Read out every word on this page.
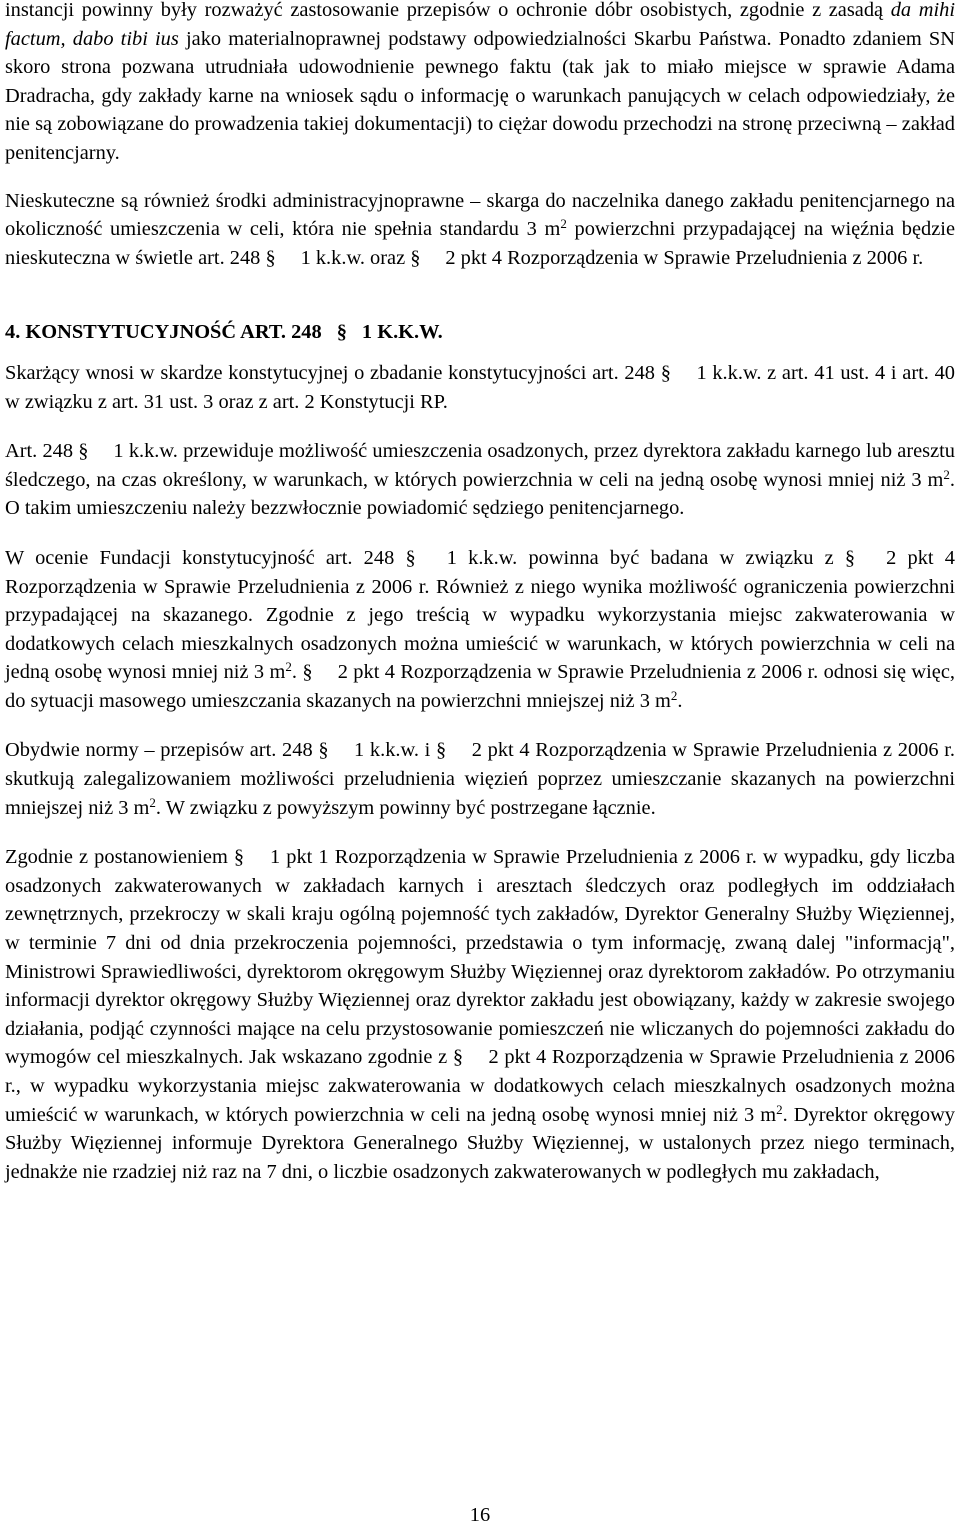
instancji powinny były rozważyć zastosowanie przepisów o ochronie dóbr osobistych, zgodnie z zasadą da mihi factum, dabo tibi ius jako materialnoprawnej podstawy odpowiedzialności Skarbu Państwa. Ponadto zdaniem SN skoro strona pozwana utrudniała udowodnienie pewnego faktu (tak jak to miało miejsce w sprawie Adama Dradracha, gdy zakłady karne na wniosek sądu o informację o warunkach panujących w celach odpowiedziały, że nie są zobowiązane do prowadzenia takiej dokumentacji) to ciężar dowodu przechodzi na stronę przeciwną – zakład penitencjarny.

Nieskuteczne są również środki administracyjnoprawne – skarga do naczelnika danego zakładu penitencjarnego na okoliczność umieszczenia w celi, która nie spełnia standardu 3 $m^2$ powierzchni przypadającej na więźnia będzie nieskuteczna w świetle art. 248 § 1 k.k.w. oraz § 2 pkt 4 Rozporządzenia w Sprawie Przeludnienia z 2006 r.

4. KONSTYTUCYJNOŚĆ ART. 248 § 1 K.K.W.

Skarżący wnosi w skardze konstytucyjnej o zbadanie konstytucyjności art. 248 § 1 k.k.w. z art. 41 ust. 4 i art. 40 w związku z art. 31 ust. 3 oraz z art. 2 Konstytucji RP.

Art. 248 § 1 k.k.w. przewiduje możliwość umieszczenia osadzonych, przez dyrektora zakładu karnego lub aresztu śledczego, na czas określony, w warunkach, w których powierzchnia w celi na jedną osobę wynosi mniej niż 3 $m^2$. O takim umieszczeniu należy bezzwłocznie powiadomić sędziego penitencjarnego.

W ocenie Fundacji konstytucyjność art. 248 § 1 k.k.w. powinna być badana w związku z § 2 pkt 4 Rozporządzenia w Sprawie Przeludnienia z 2006 r. Również z niego wynika możliwość ograniczenia powierzchni przypadającej na skazanego. Zgodnie z jego treścią w wypadku wykorzystania miejsc zakwaterowania w dodatkowych celach mieszkalnych osadzonych można umieścić w warunkach, w których powierzchnia w celi na jedną osobę wynosi mniej niż 3 $m^2$. § 2 pkt 4 Rozporządzenia w Sprawie Przeludnienia z 2006 r. odnosi się więc, do sytuacji masowego umieszczania skazanych na powierzchni mniejszej niż 3 $m^2$.

Obydwie normy – przepisów art. 248 § 1 k.k.w. i § 2 pkt 4 Rozporządzenia w Sprawie Przeludnienia z 2006 r. skutkują zalegalizowaniem możliwości przeludnienia więzień poprzez umieszczanie skazanych na powierzchni mniejszej niż 3 $m^2$. W związku z powyższym powinny być postrzegane łącznie.

Zgodnie z postanowieniem § 1 pkt 1 Rozporządzenia w Sprawie Przeludnienia z 2006 r. w wypadku, gdy liczba osadzonych zakwaterowanych w zakładach karnych i aresztach śledczych oraz podległych im oddziałach zewnętrznych, przekroczy w skali kraju ogólną pojemność tych zakładów, Dyrektor Generalny Służby Więziennej, w terminie 7 dni od dnia przekroczenia pojemności, przedstawia o tym informację, zwaną dalej "informacją", Ministrowi Sprawiedliwości, dyrektorom okręgowym Służby Więziennej oraz dyrektorom zakładów. Po otrzymaniu informacji dyrektor okręgowy Służby Więziennej oraz dyrektor zakładu jest obowiązany, każdy w zakresie swojego działania, podjąć czynności mające na celu przystosowanie pomieszczeń nie wliczanych do pojemności zakładu do wymogów cel mieszkalnych. Jak wskazano zgodnie z § 2 pkt 4 Rozporządzenia w Sprawie Przeludnienia z 2006 r., w wypadku wykorzystania miejsc zakwaterowania w dodatkowych celach mieszkalnych osadzonych można umieścić w warunkach, w których powierzchnia w celi na jedną osobę wynosi mniej niż 3 $m^2$. Dyrektor okręgowy Służby Więziennej informuje Dyrektora Generalnego Służby Więziennej, w ustalonych przez niego terminach, jednakże nie rzadziej niż raz na 7 dni, o liczbie osadzonych zakwaterowanych w podległych mu zakładach,

16
